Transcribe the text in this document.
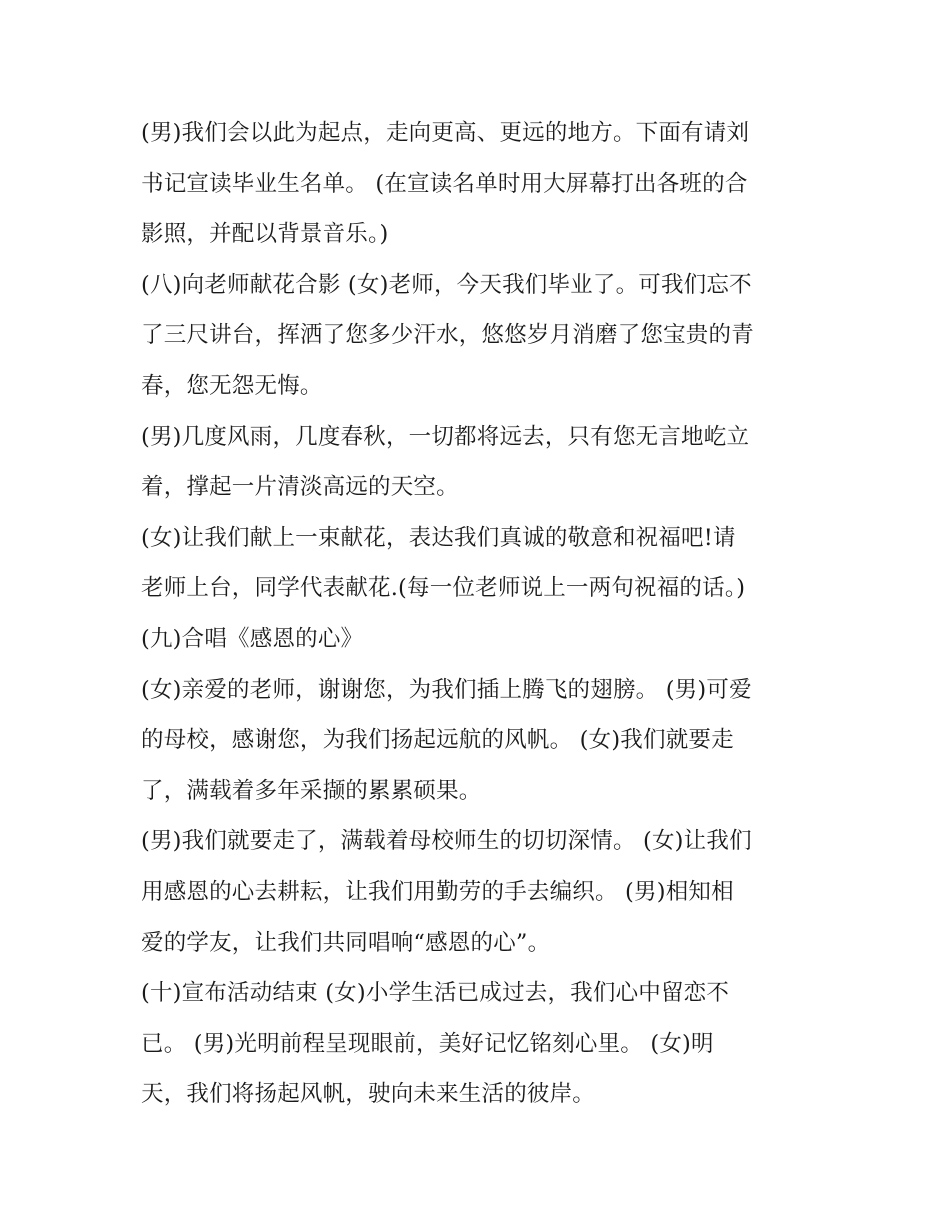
(男)我们会以此为起点，走向更高、更远的地方。下面有请刘
书记宣读毕业生名单。 (在宣读名单时用大屏幕打出各班的合
影照，并配以背景音乐。)
(八)向老师献花合影 (女)老师，今天我们毕业了。可我们忘不
了三尺讲台，挥洒了您多少汗水，悠悠岁月消磨了您宝贵的青
春，您无怨无悔。
(男)几度风雨，几度春秋，一切都将远去，只有您无言地屹立
着，撑起一片清淡高远的天空。
(女)让我们献上一束献花，表达我们真诚的敬意和祝福吧!请
老师上台，同学代表献花.(每一位老师说上一两句祝福的话。)
(九)合唱《感恩的心》
(女)亲爱的老师，谢谢您，为我们插上腾飞的翅膀。 (男)可爱
的母校，感谢您，为我们扬起远航的风帆。 (女)我们就要走
了，满载着多年采撷的累累硕果。
(男)我们就要走了，满载着母校师生的切切深情。 (女)让我们
用感恩的心去耕耘，让我们用勤劳的手去编织。 (男)相知相
爱的学友，让我们共同唱响“感恩的心”。
(十)宣布活动结束 (女)小学生活已成过去，我们心中留恋不
已。 (男)光明前程呈现眼前，美好记忆铭刻心里。 (女)明
天，我们将扬起风帆，驶向未来生活的彼岸。
